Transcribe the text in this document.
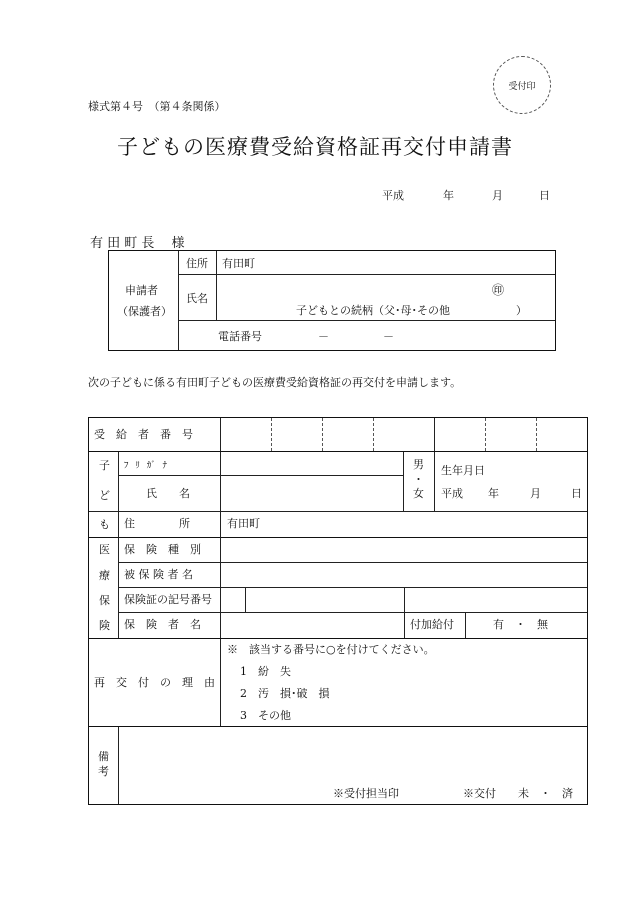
受付印
様式第４号　（第４条関係）
子どもの医療費受給資格証再交付申請書
平成	年	月	日
有 田 町 長　 様
申請者
（保護者）
住所 有田町
氏名
㊞
子どもとの続柄（父･母･その他　　　　　　）
電話番号	－	－
次の子どもに係る有田町子どもの医療費受給資格証の再交付を申請します。
受　給　者　番　号
子
ど
も
ﾌ ﾘ ｶﾞ ﾅ
氏　　名
男
・
女
生年月日
平成 年	月	日
住　　　　所	有田町
医
療
保
険
保　険　種　別
被 保 険 者 名
保険証の記号番号
保　険　者　名	付加給付	有　・　無
再　交　付　の　理　由
※　該当する番号に○を付けてください。
1　紛　失
2　汚　損･破　損
3　その他
備
考
※受付担当印	※交付　　未　・　済
